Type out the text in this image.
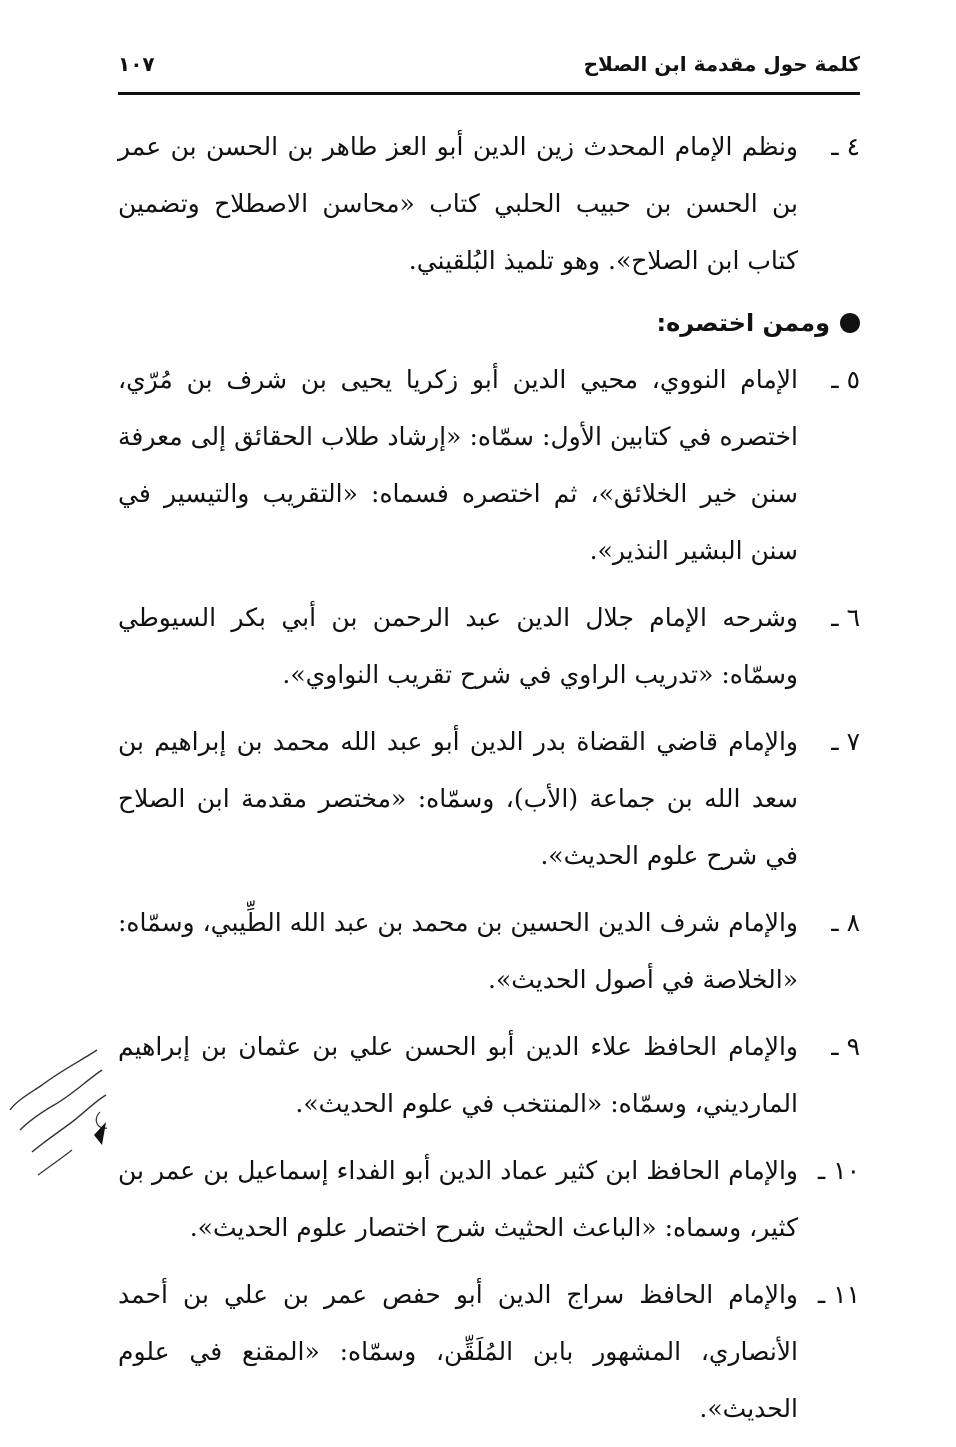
كلمة حول مقدمة ابن الصلاح
١٠٧
٤ ـ
ونظم الإمام المحدث زين الدين أبو العز طاهر بن الحسن بن عمر بن الحسن بن حبيب الحلبي كتاب «محاسن الاصطلاح وتضمين كتاب ابن الصلاح». وهو تلميذ البُلقيني.
وممن اختصره:
٥ ـ
الإمام النووي، محيي الدين أبو زكريا يحيى بن شرف بن مُرّي، اختصره في كتابين الأول: سمّاه: «إرشاد طلاب الحقائق إلى معرفة سنن خير الخلائق»، ثم اختصره فسماه: «التقريب والتيسير في سنن البشير النذير».
٦ ـ
وشرحه الإمام جلال الدين عبد الرحمن بن أبي بكر السيوطي وسمّاه: «تدريب الراوي في شرح تقريب النواوي».
٧ ـ
والإمام قاضي القضاة بدر الدين أبو عبد الله محمد بن إبراهيم بن سعد الله بن جماعة (الأب)، وسمّاه: «مختصر مقدمة ابن الصلاح في شرح علوم الحديث».
٨ ـ
والإمام شرف الدين الحسين بن محمد بن عبد الله الطِّيبي، وسمّاه: «الخلاصة في أصول الحديث».
٩ ـ
والإمام الحافظ علاء الدين أبو الحسن علي بن عثمان بن إبراهيم المارديني، وسمّاه: «المنتخب في علوم الحديث».
١٠ ـ
والإمام الحافظ ابن كثير عماد الدين أبو الفداء إسماعيل بن عمر بن كثير، وسماه: «الباعث الحثيث شرح اختصار علوم الحديث».
١١ ـ
والإمام الحافظ سراج الدين أبو حفص عمر بن علي بن أحمد الأنصاري، المشهور بابن المُلَقِّن، وسمّاه: «المقنع في علوم الحديث».
